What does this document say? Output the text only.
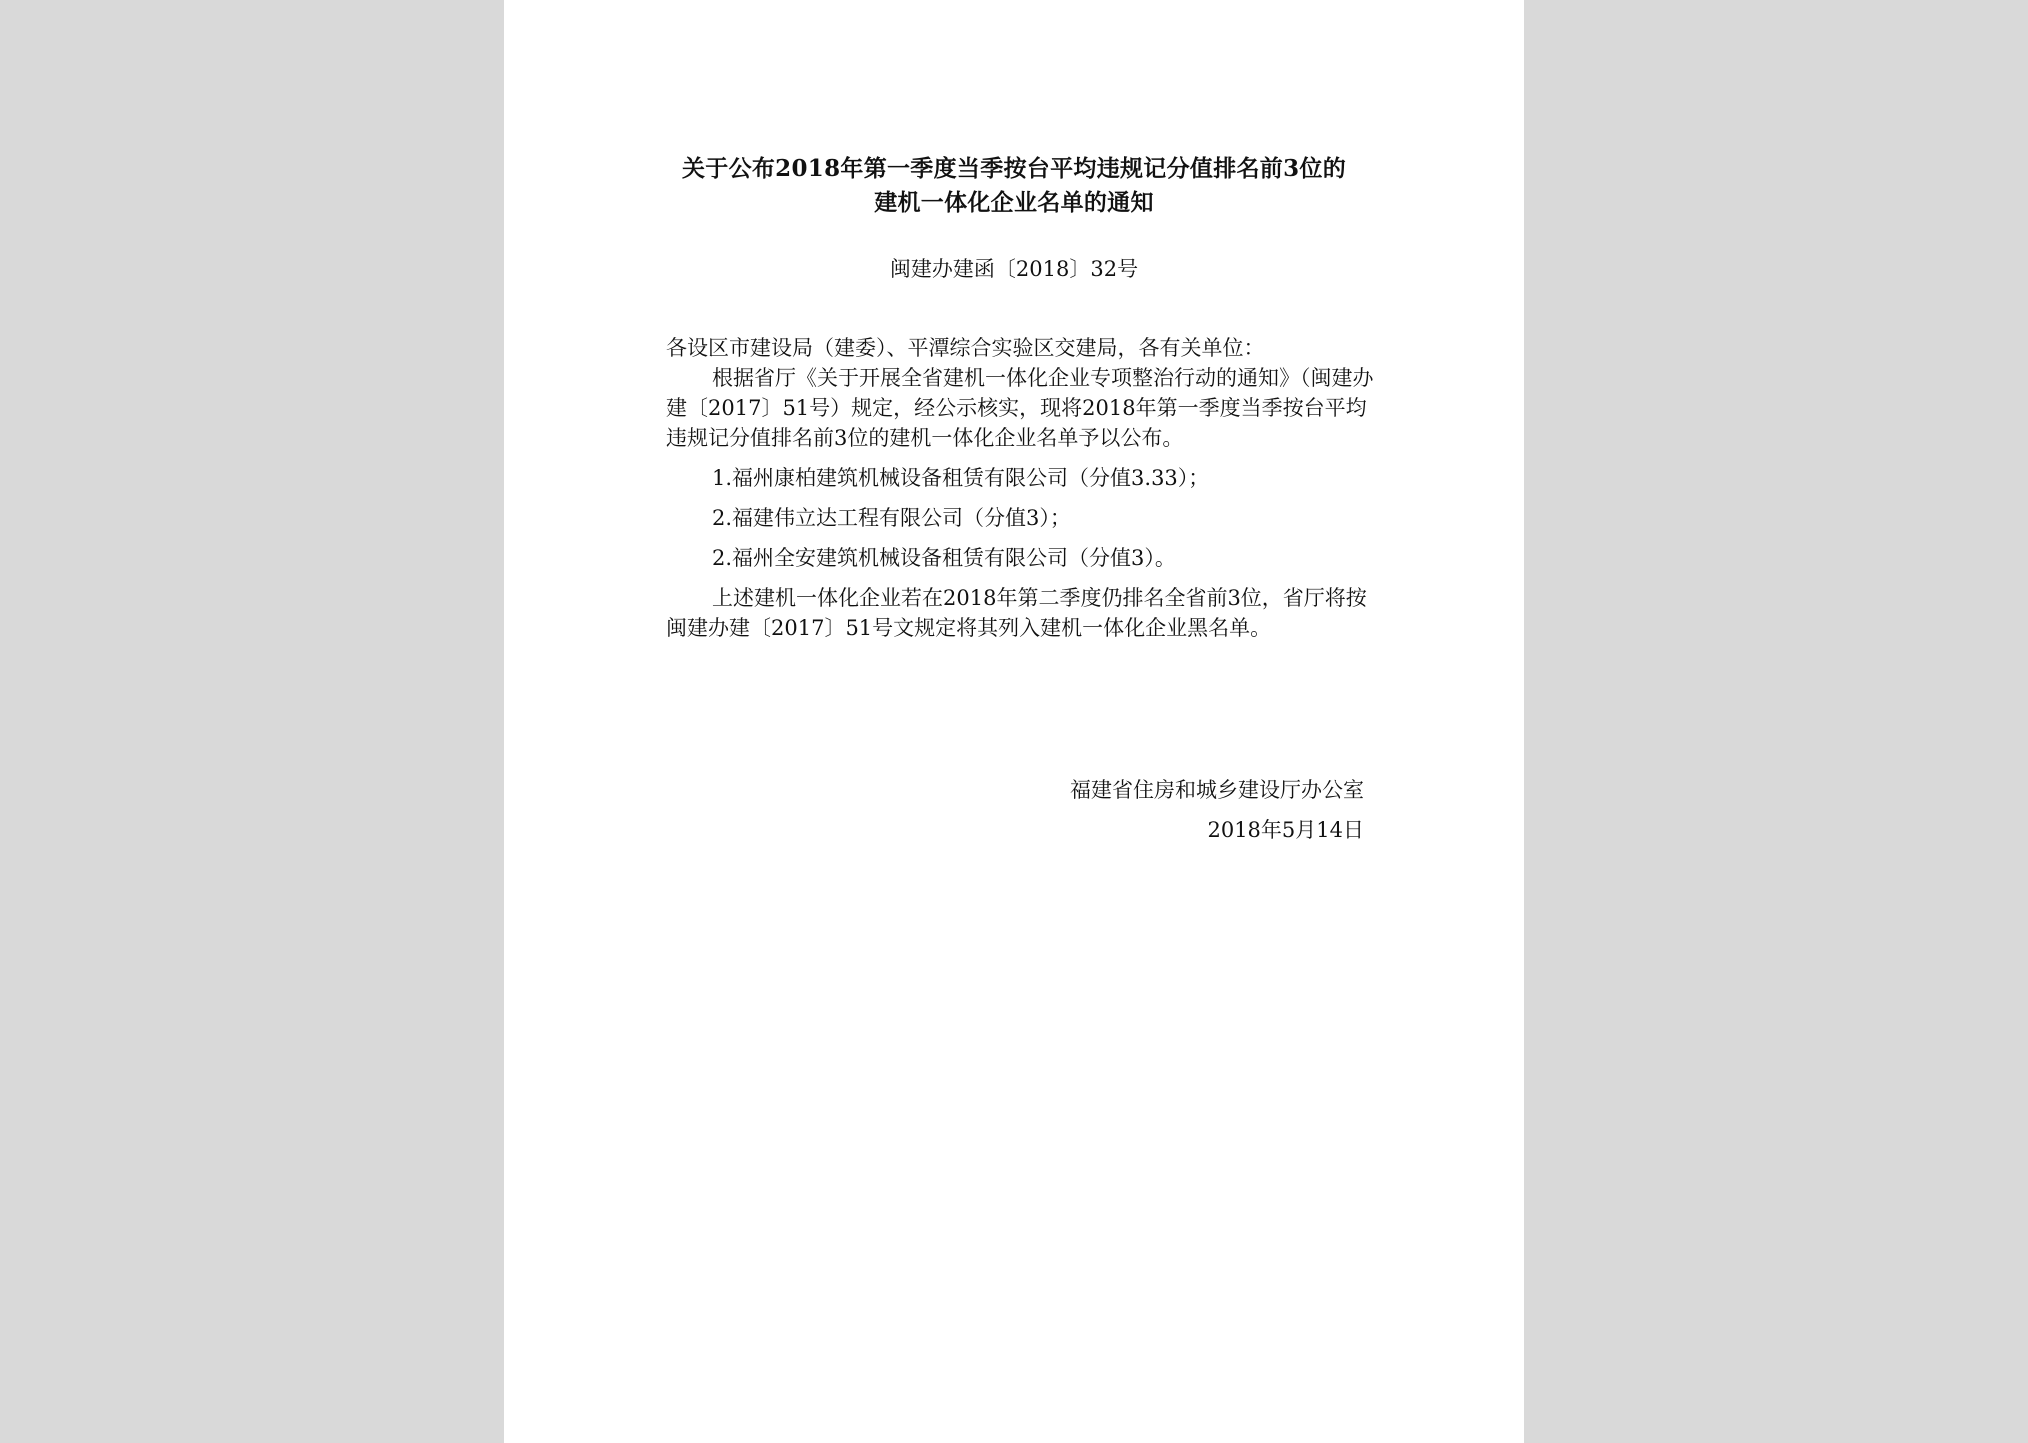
关于公布2018年第一季度当季按台平均违规记分值排名前3位的
建机一体化企业名单的通知
闽建办建函〔2018〕32号

各设区市建设局（建委）、平潭综合实验区交建局，各有关单位：

根据省厅《关于开展全省建机一体化企业专项整治行动的通知》（闽建办建〔2017〕51号）规定，经公示核实，现将2018年第一季度当季按台平均违规记分值排名前3位的建机一体化企业名单予以公布。

1.福州康柏建筑机械设备租赁有限公司（分值3.33）；

2.福建伟立达工程有限公司（分值3）；

2.福州全安建筑机械设备租赁有限公司（分值3）。

上述建机一体化企业若在2018年第二季度仍排名全省前3位，省厅将按闽建办建〔2017〕51号文规定将其列入建机一体化企业黑名单。

福建省住房和城乡建设厅办公室
2018年5月14日
